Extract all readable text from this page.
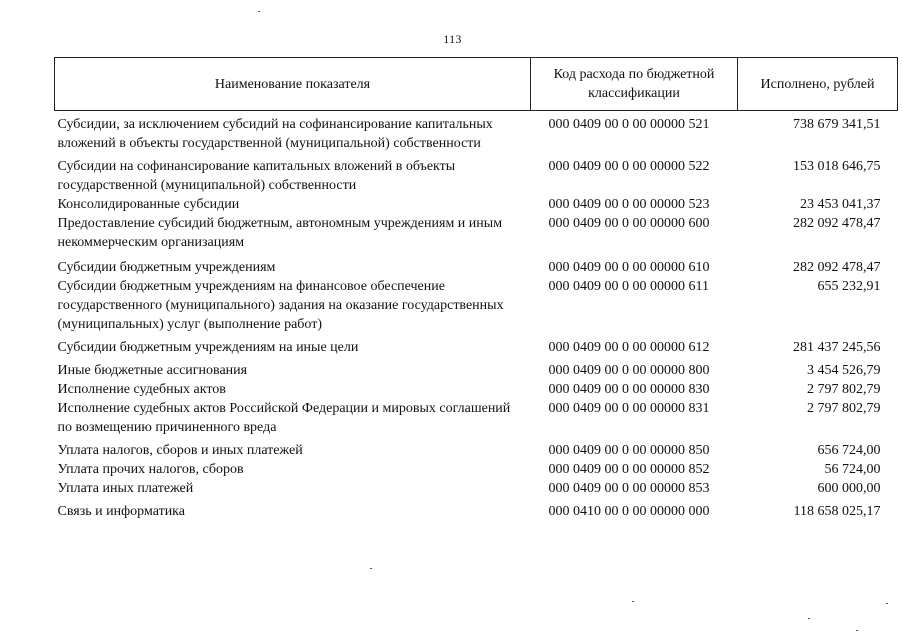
113
Наименование показателя	Код расхода по бюджетной классификации	Исполнено, рублей
Субсидии, за исключением субсидий на софинансирование капитальных вложений в объекты государственной (муниципальной) собственности	000 0409 00 0 00 00000 521	738 679 341,51
Субсидии на софинансирование капитальных вложений в объекты государственной (муниципальной) собственности	000 0409 00 0 00 00000 522	153 018 646,75
Консолидированные субсидии	000 0409 00 0 00 00000 523	23 453 041,37
Предоставление субсидий бюджетным, автономным учреждениям и иным некоммерческим организациям	000 0409 00 0 00 00000 600	282 092 478,47
Субсидии бюджетным учреждениям	000 0409 00 0 00 00000 610	282 092 478,47
Субсидии бюджетным учреждениям на финансовое обеспечение государственного (муниципального) задания на оказание государственных (муниципальных) услуг (выполнение работ)	000 0409 00 0 00 00000 611	655 232,91
Субсидии бюджетным учреждениям на иные цели	000 0409 00 0 00 00000 612	281 437 245,56
Иные бюджетные ассигнования	000 0409 00 0 00 00000 800	3 454 526,79
Исполнение судебных актов	000 0409 00 0 00 00000 830	2 797 802,79
Исполнение судебных актов Российской Федерации и мировых соглашений по возмещению причиненного вреда	000 0409 00 0 00 00000 831	2 797 802,79
Уплата налогов, сборов и иных платежей	000 0409 00 0 00 00000 850	656 724,00
Уплата прочих налогов, сборов	000 0409 00 0 00 00000 852	56 724,00
Уплата иных платежей	000 0409 00 0 00 00000 853	600 000,00
Связь и информатика	000 0410 00 0 00 00000 000	118 658 025,17
